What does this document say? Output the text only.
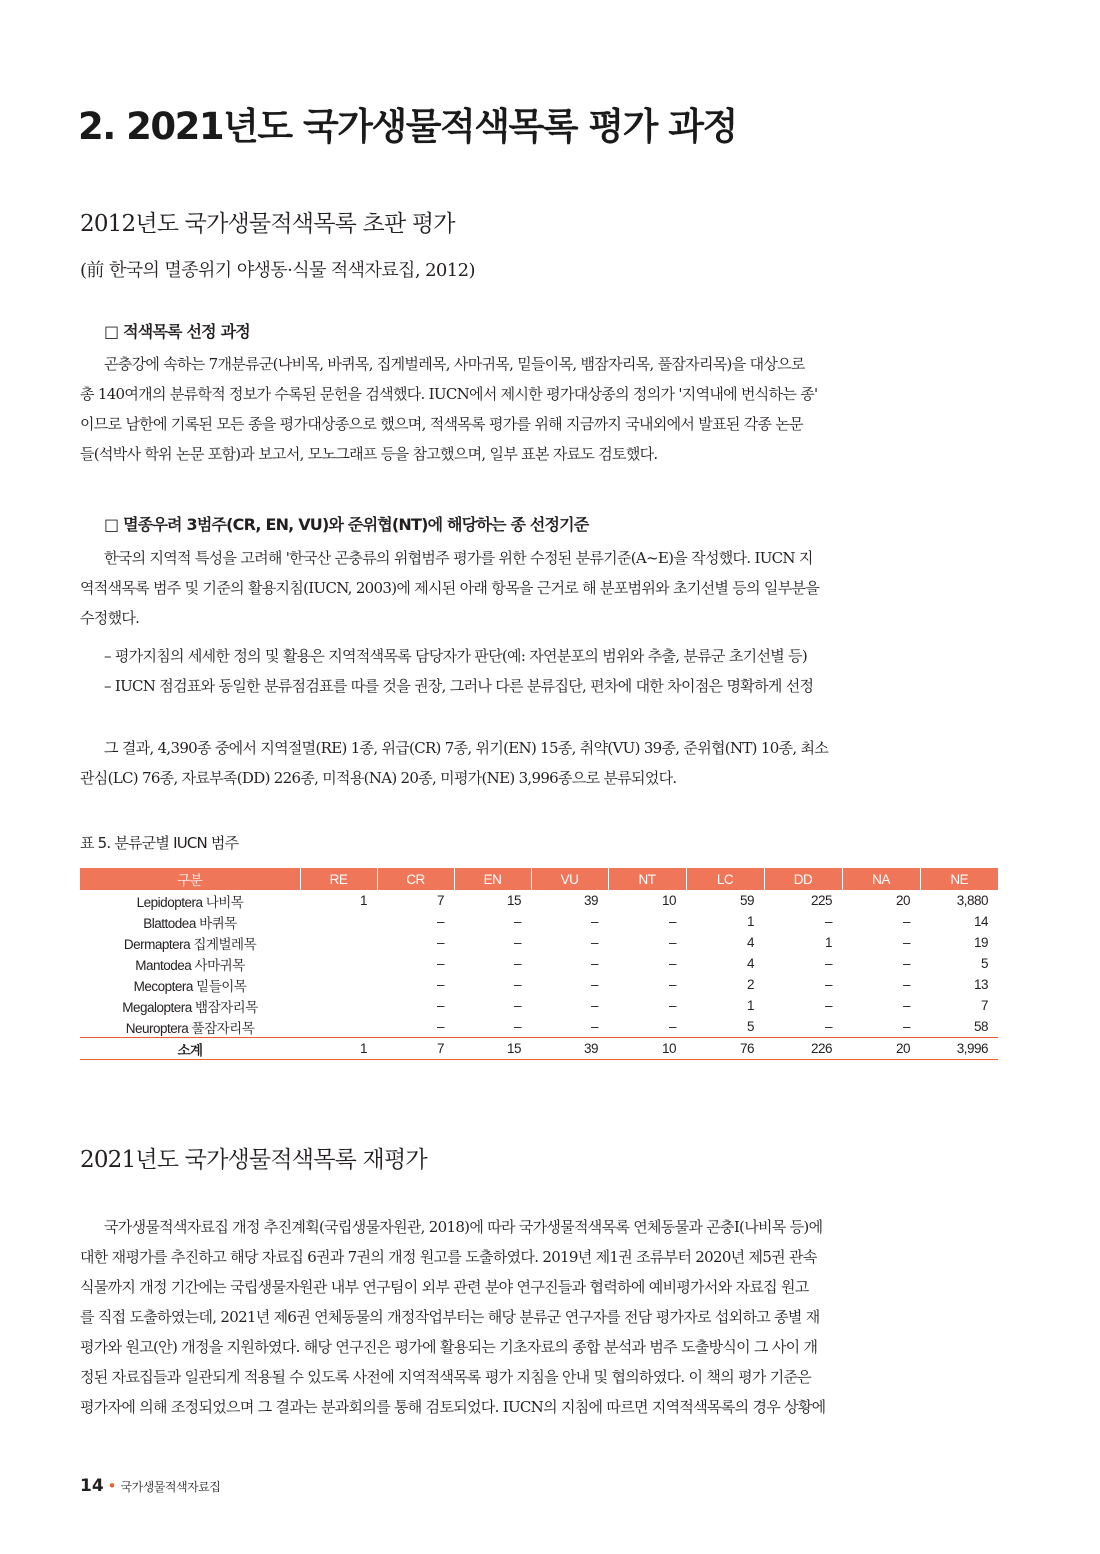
2. 2021년도 국가생물적색목록 평가 과정
2012년도 국가생물적색목록 초판 평가

(前 한국의 멸종위기 야생동·식물 적색자료집, 2012)

□ 적색목록 선정 과정
곤충강에 속하는 7개분류군(나비목, 바퀴목, 집게벌레목, 사마귀목, 밑들이목, 뱀잠자리목, 풀잠자리목)을 대상으로
총 140여개의 분류학적 정보가 수록된 문헌을 검색했다. IUCN에서 제시한 평가대상종의 정의가 '지역내에 번식하는 종'
이므로 남한에 기록된 모든 종을 평가대상종으로 했으며, 적색목록 평가를 위해 지금까지 국내외에서 발표된 각종 논문
들(석박사 학위 논문 포함)과 보고서, 모노그래프 등을 참고했으며, 일부 표본 자료도 검토했다.
□ 멸종우려 3범주(CR, EN, VU)와 준위협(NT)에 해당하는 종 선정기준
한국의 지역적 특성을 고려해 '한국산 곤충류의 위협범주 평가를 위한 수정된 분류기준(A~E)을 작성했다. IUCN 지
역적색목록 범주 및 기준의 활용지침(IUCN, 2003)에 제시된 아래 항목을 근거로 해 분포범위와 초기선별 등의 일부분을
수정했다.

– 평가지침의 세세한 정의 및 활용은 지역적색목록 담당자가 판단(예: 자연분포의 범위와 추출, 분류군 초기선별 등)

– IUCN 점검표와 동일한 분류점검표를 따를 것을 권장, 그러나 다른 분류집단, 편차에 대한 차이점은 명확하게 선정

그 결과, 4,390종 중에서 지역절멸(RE) 1종, 위급(CR) 7종, 위기(EN) 15종, 취약(VU) 39종, 준위협(NT) 10종, 최소
관심(LC) 76종, 자료부족(DD) 226종, 미적용(NA) 20종, 미평가(NE) 3,996종으로 분류되었다.

표 5. 분류군별 IUCN 범주

구분	RE	CR	EN	VU	NT	LC	DD	NA	NE
Lepidoptera 나비목	1	7	15	39	10	59	225	20	3,880
Blattodea 바퀴목		–	–	–	–	1	–	–	14
Dermaptera 집게벌레목		–	–	–	–	4	1	–	19
Mantodea 사마귀목		–	–	–	–	4	–	–	5
Mecoptera 밑들이목		–	–	–	–	2	–	–	13
Megaloptera 뱀잠자리목		–	–	–	–	1	–	–	7
Neuroptera 풀잠자리목		–	–	–	–	5	–	–	58
소계	1	7	15	39	10	76	226	20	3,996
2021년도 국가생물적색목록 재평가
국가생물적색자료집 개정 추진계획(국립생물자원관, 2018)에 따라 국가생물적색목록 연체동물과 곤충I(나비목 등)에
대한 재평가를 추진하고 해당 자료집 6권과 7권의 개정 원고를 도출하였다. 2019년 제1권 조류부터 2020년 제5권 관속
식물까지 개정 기간에는 국립생물자원관 내부 연구팀이 외부 관련 분야 연구진들과 협력하에 예비평가서와 자료집 원고
를 직접 도출하였는데, 2021년 제6권 연체동물의 개정작업부터는 해당 분류군 연구자를 전담 평가자로 섭외하고 종별 재
평가와 원고(안) 개정을 지원하였다. 해당 연구진은 평가에 활용되는 기초자료의 종합 분석과 범주 도출방식이 그 사이 개
정된 자료집들과 일관되게 적용될 수 있도록 사전에 지역적색목록 평가 지침을 안내 및 협의하였다. 이 책의 평가 기준은
평가자에 의해 조정되었으며 그 결과는 분과회의를 통해 검토되었다. IUCN의 지침에 따르면 지역적색목록의 경우 상황에

14 • 국가생물적색자료집
